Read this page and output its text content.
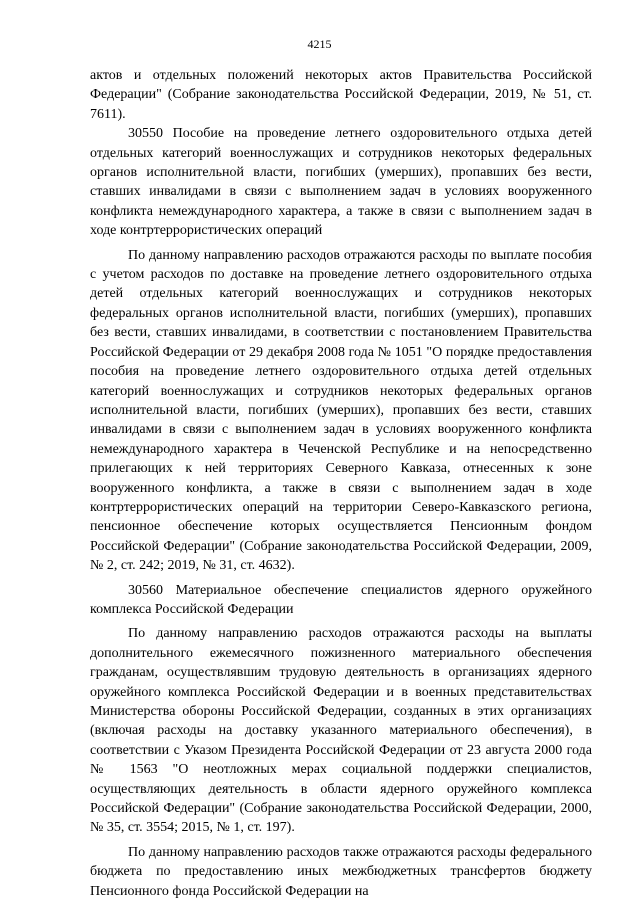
4215

актов и отдельных положений некоторых актов Правительства Российской Федерации" (Собрание законодательства Российской Федерации, 2019, № 51, ст. 7611).

30550 Пособие на проведение летнего оздоровительного отдыха детей отдельных категорий военнослужащих и сотрудников некоторых федеральных органов исполнительной власти, погибших (умерших), пропавших без вести, ставших инвалидами в связи с выполнением задач в условиях вооруженного конфликта немеждународного характера, а также в связи с выполнением задач в ходе контртеррористических операций

По данному направлению расходов отражаются расходы по выплате пособия с учетом расходов по доставке на проведение летнего оздоровительного отдыха детей отдельных категорий военнослужащих и сотрудников некоторых федеральных органов исполнительной власти, погибших (умерших), пропавших без вести, ставших инвалидами, в соответствии с постановлением Правительства Российской Федерации от 29 декабря 2008 года № 1051 "О порядке предоставления пособия на проведение летнего оздоровительного отдыха детей отдельных категорий военнослужащих и сотрудников некоторых федеральных органов исполнительной власти, погибших (умерших), пропавших без вести, ставших инвалидами в связи с выполнением задач в условиях вооруженного конфликта немеждународного характера в Чеченской Республике и на непосредственно прилегающих к ней территориях Северного Кавказа, отнесенных к зоне вооруженного конфликта, а также в связи с выполнением задач в ходе контртеррористических операций на территории Северо-Кавказского региона, пенсионное обеспечение которых осуществляется Пенсионным фондом Российской Федерации" (Собрание законодательства Российской Федерации, 2009, № 2, ст. 242; 2019, № 31, ст. 4632).

30560 Материальное обеспечение специалистов ядерного оружейного комплекса Российской Федерации

По данному направлению расходов отражаются расходы на выплаты дополнительного ежемесячного пожизненного материального обеспечения гражданам, осуществлявшим трудовую деятельность в организациях ядерного оружейного комплекса Российской Федерации и в военных представительствах Министерства обороны Российской Федерации, созданных в этих организациях (включая расходы на доставку указанного материального обеспечения), в соответствии с Указом Президента Российской Федерации от 23 августа 2000 года № 1563 "О неотложных мерах социальной поддержки специалистов, осуществляющих деятельность в области ядерного оружейного комплекса Российской Федерации" (Собрание законодательства Российской Федерации, 2000, № 35, ст. 3554; 2015, № 1, ст. 197).

По данному направлению расходов также отражаются расходы федерального бюджета по предоставлению иных межбюджетных трансфертов бюджету Пенсионного фонда Российской Федерации на
